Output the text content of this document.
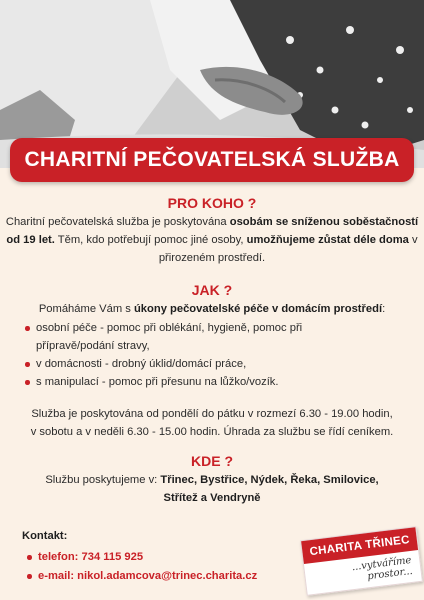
CHARITNÍ PEČOVATELSKÁ SLUŽBA
PRO KOHO ?

Charitní pečovatelská služba je poskytována osobám se sníženou soběstačností od 19 let. Těm, kdo potřebují pomoc jiné osoby, umožňujeme zůstat déle doma v přirozeném prostředí.

JAK ?

Pomáháme Vám s úkony pečovatelské péče v domácím prostředí:

osobní péče - pomoc při oblékání, hygieně, pomoc při
přípravě/podání stravy,
v domácnosti - drobný úklid/domácí práce,
s manipulací - pomoc při přesunu na lůžko/vozík.

Služba je poskytována od pondělí do pátku v rozmezí 6.30 - 19.00 hodin,
v sobotu a v neděli 6.30 - 15.00 hodin. Úhrada za službu se řídí ceníkem.

KDE ?

Službu poskytujeme v: Třinec, Bystřice, Nýdek, Řeka, Smilovice,
Střítež a Vendryně

Kontakt:
telefon: 734 115 925
e-mail: nikol.adamcova@trinec.charita.cz
CHARITA TŘINEC
...vytváříme prostor...
